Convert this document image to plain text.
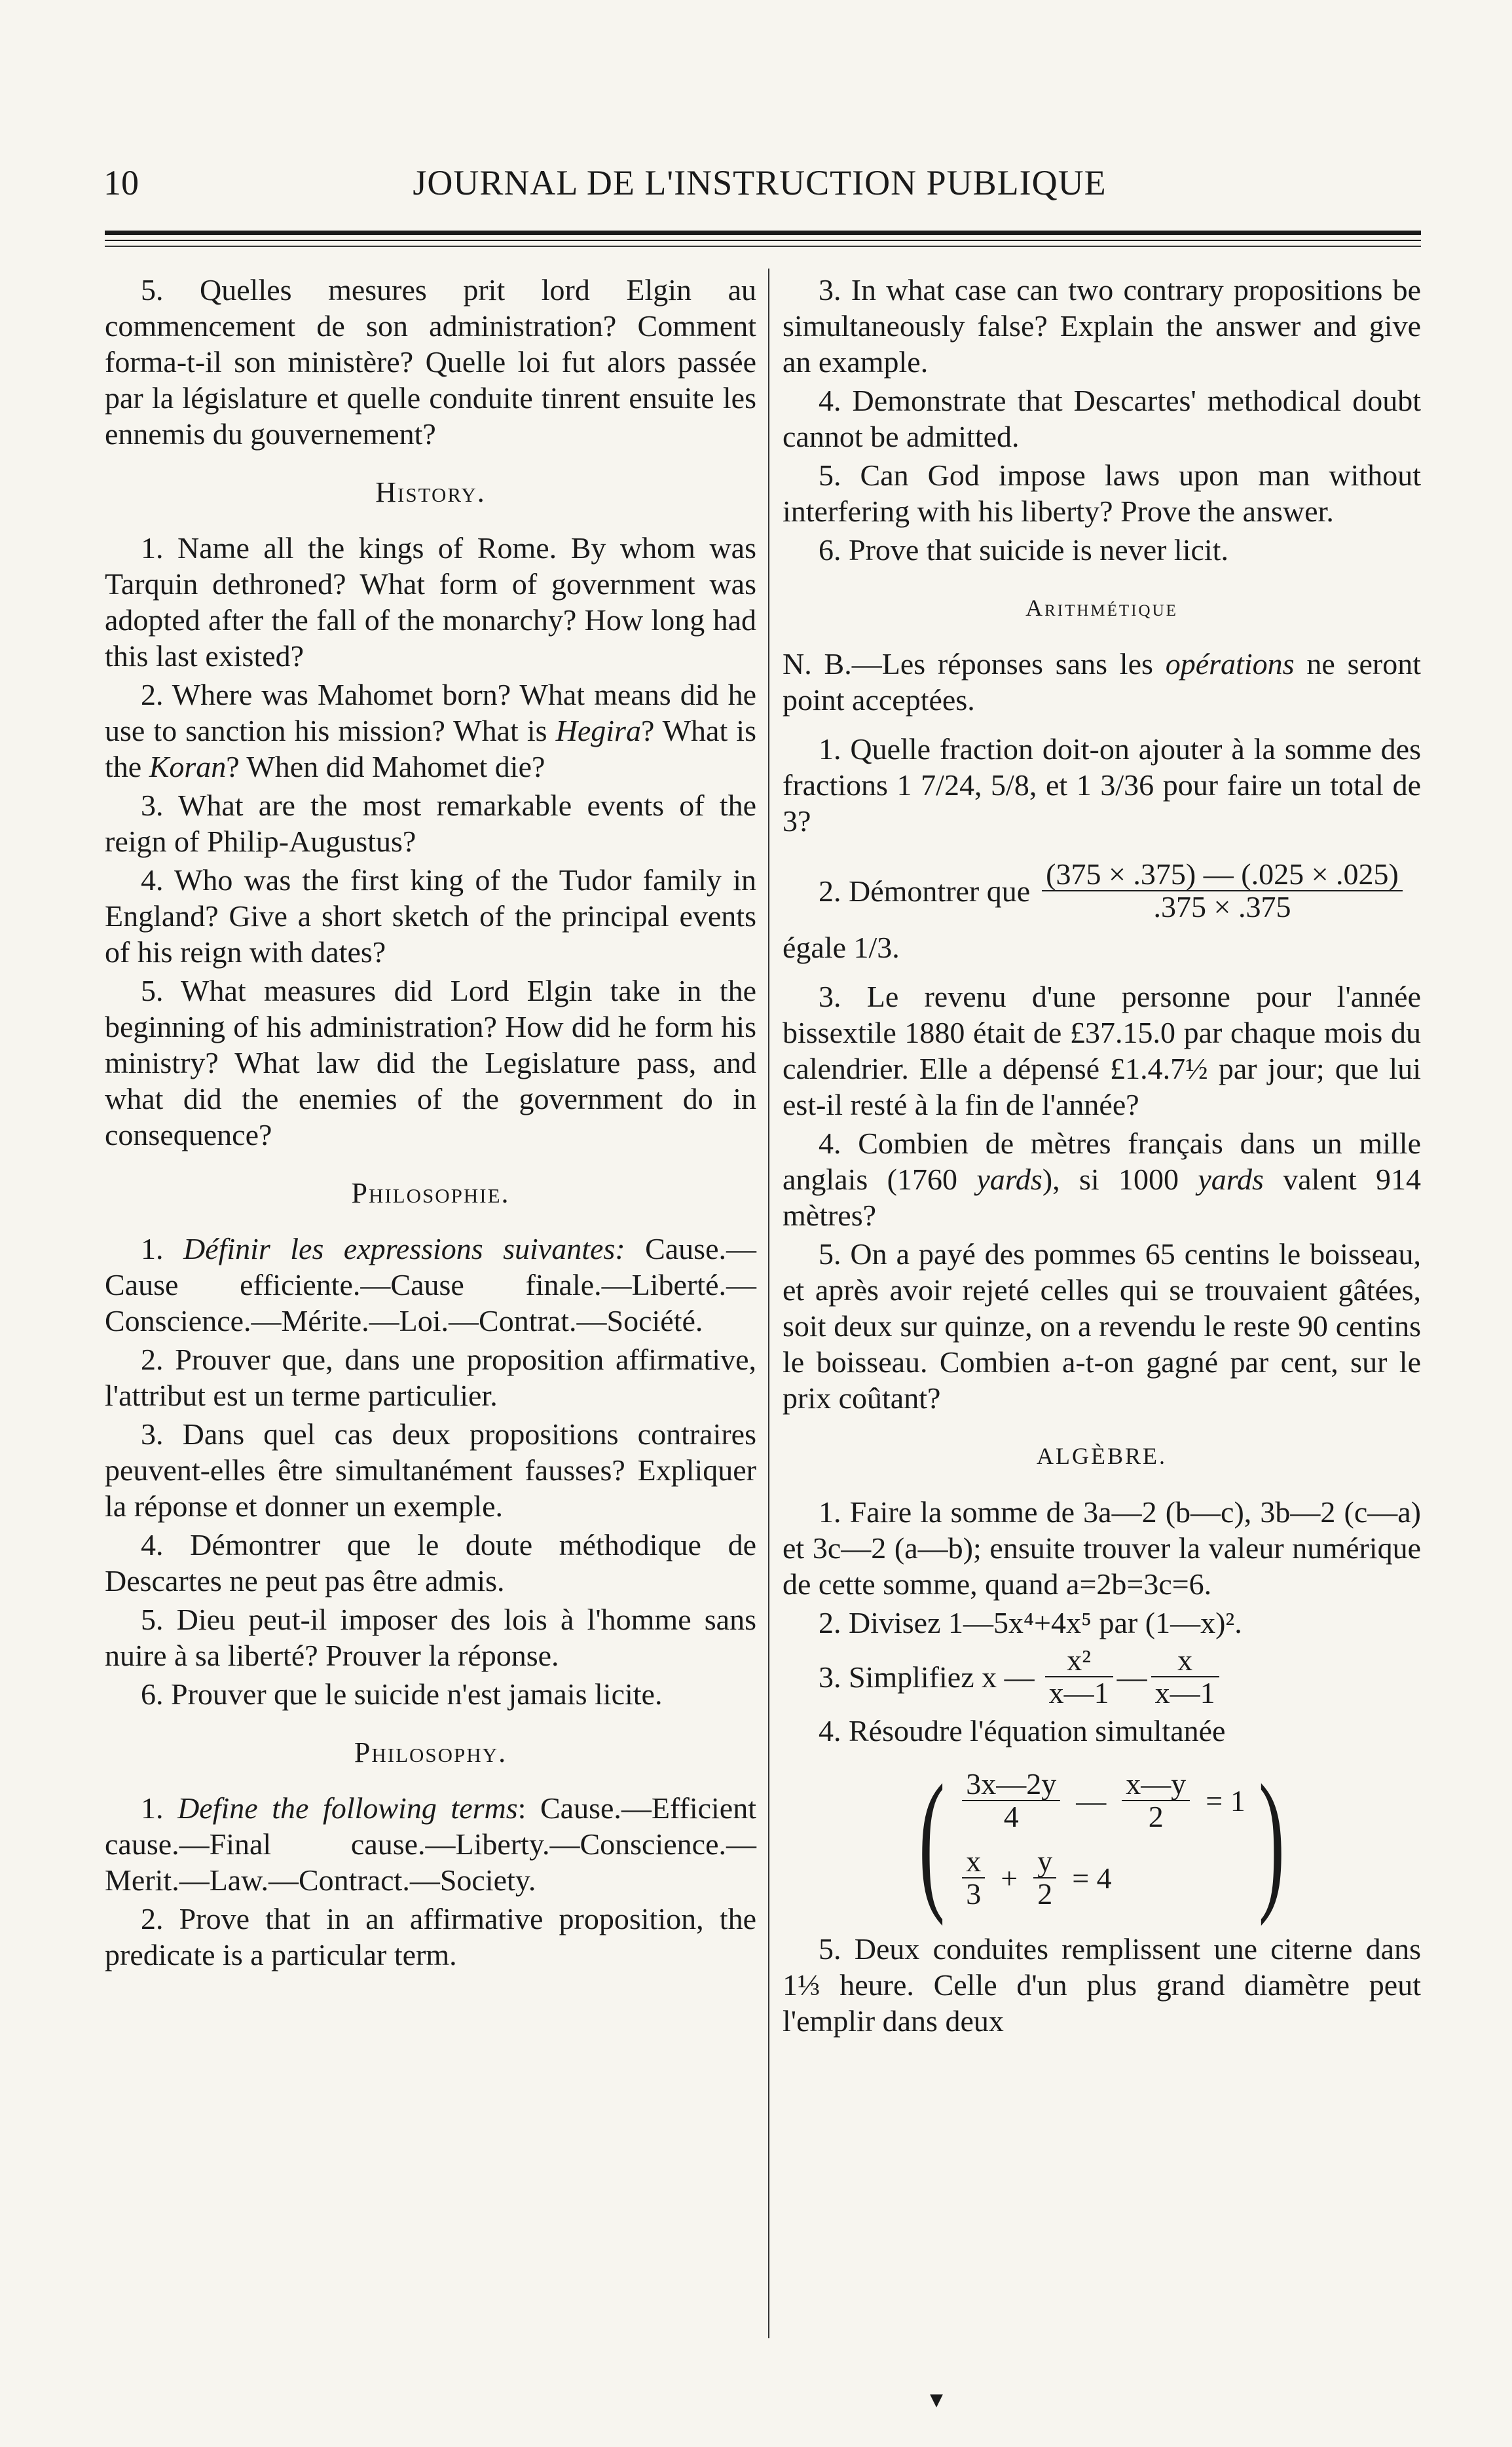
10	JOURNAL DE L'INSTRUCTION PUBLIQUE

5. Quelles mesures prit lord Elgin au commencement de son administration? Comment forma-t-il son ministère? Quelle loi fut alors passée par la législature et quelle conduite tinrent ensuite les ennemis du gouvernement?

History.

1. Name all the kings of Rome. By whom was Tarquin dethroned? What form of government was adopted after the fall of the monarchy? How long had this last existed?

2. Where was Mahomet born? What means did he use to sanction his mission? What is Hegira? What is the Koran? When did Mahomet die?

3. What are the most remarkable events of the reign of Philip-Augustus?

4. Who was the first king of the Tudor family in England? Give a short sketch of the principal events of his reign with dates?

5. What measures did Lord Elgin take in the beginning of his administration? How did he form his ministry? What law did the Legislature pass, and what did the enemies of the government do in consequence?

Philosophie.

1. Définir les expressions suivantes: Cause.—Cause efficiente.—Cause finale.—Liberté.—Conscience.—Mérite.—Loi.—Contrat.—Société.

2. Prouver que, dans une proposition affirmative, l'attribut est un terme particulier.

3. Dans quel cas deux propositions contraires peuvent-elles être simultanément fausses? Expliquer la réponse et donner un exemple.

4. Démontrer que le doute méthodique de Descartes ne peut pas être admis.

5. Dieu peut-il imposer des lois à l'homme sans nuire à sa liberté? Prouver la réponse.

6. Prouver que le suicide n'est jamais licite.

Philosophy.

1. Define the following terms: Cause.—Efficient cause.—Final cause.—Liberty.—Conscience.—Merit.—Law.—Contract.—Society.

2. Prove that in an affirmative proposition, the predicate is a particular term.

3. In what case can two contrary propositions be simultaneously false? Explain the answer and give an example.

4. Demonstrate that Descartes' methodical doubt cannot be admitted.

5. Can God impose laws upon man without interfering with his liberty? Prove the answer.

6. Prove that suicide is never licit.

Arithmétique

N. B.—Les réponses sans les opérations ne seront point acceptées.

1. Quelle fraction doit-on ajouter à la somme des fractions 1 7/24, 5/8, et 1 3/36 pour faire un total de 3?

2. Démontrer que $\frac{(375 \times .375) — (.025 \times .025)}{.375 \times .375}$

égale 1/3.

3. Le revenu d'une personne pour l'année bissextile 1880 était de £37.15.0 par chaque mois du calendrier. Elle a dépensé £1.4.7½ par jour; que lui est-il resté à la fin de l'année?

4. Combien de mètres français dans un mille anglais (1760 yards), si 1000 yards valent 914 mètres?

5. On a payé des pommes 65 centins le boisseau, et après avoir rejeté celles qui se trouvaient gâtées, soit deux sur quinze, on a revendu le reste 90 centins le boisseau. Combien a-t-on gagné par cent, sur le prix coûtant?

ALGÈBRE.

1. Faire la somme de 3a—2 (b—c), 3b—2 (c—a) et 3c—2 (a—b); ensuite trouver la valeur numérique de cette somme, quand a=2b=3c=6.

2. Divisez 1—5x⁴+4x⁵ par (1—x)².

3. Simplifiez x — $\frac{\text{x²}}{x—1}$ — $\frac{x}{x—1}$

4. Résoudre l'équation simultanée

( $\frac{3x—2y}{4}$ — $\frac{x—y}{2} = 1$
$\frac{x}{3} + \frac{y}{2} = 4$ )

5. Deux conduites remplissent une citerne dans 1⅓ heure. Celle d'un plus grand diamètre peut l'emplir dans deux

▾
